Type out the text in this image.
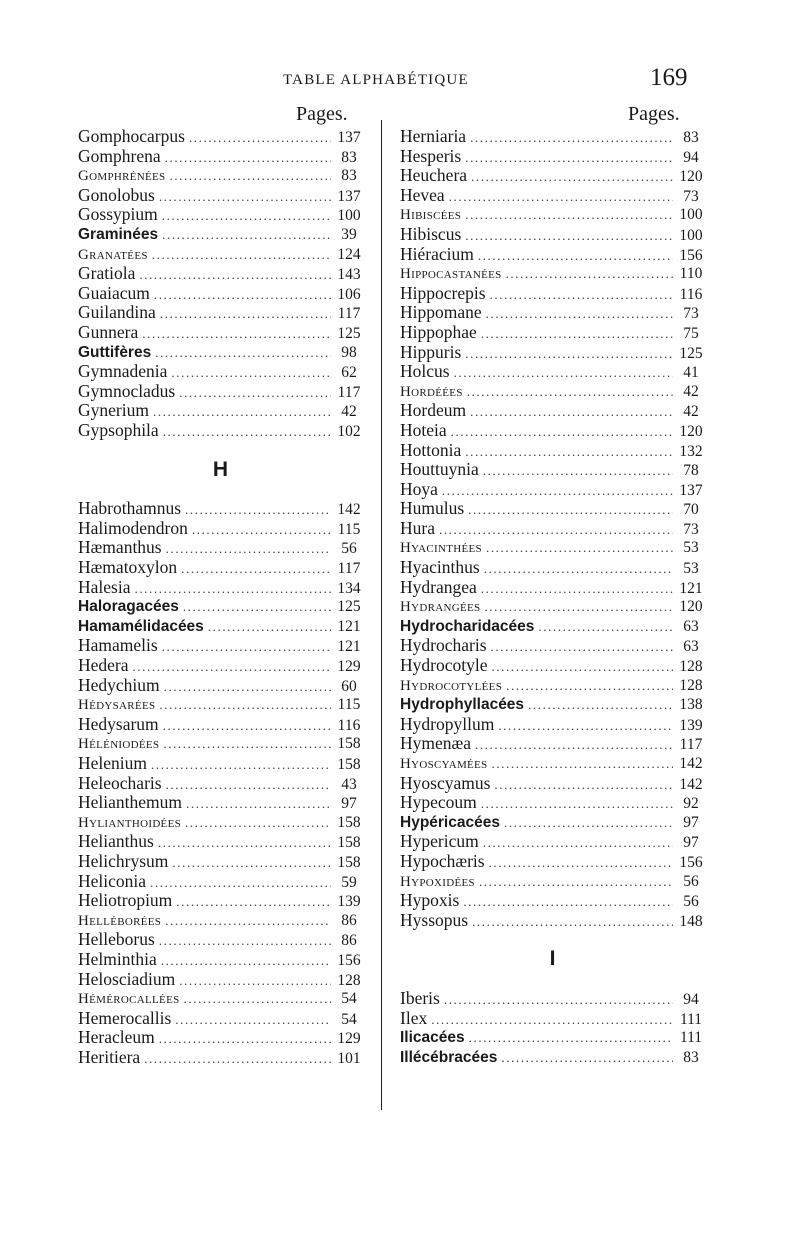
TABLE ALPHABÉTIQUE	169
Pages.	Pages.
Gomphocarpus .....	137
Gomphrena .....	83
Gomphrénées .....	83
Gonolobus .....	137
Gossypium .....	100
Graminées .....	39
Granatées .....	124
Gratiola .....	143
Guaiacum .....	106
Guilandina .....	117
Gunnera .....	125
Guttifères .....	98
Gymnadenia .....	62
Gymnocladus .....	117
Gynerium .....	42
Gypsophila .....	102
H
Habrothamnus .....	142
Halimodendron .....	115
Hæmanthus .....	56
Hæmatoxylon .....	117
Halesia .....	134
Haloragacées .....	125
Hamamélidacées .....	121
Hamamelis .....	121
Hedera .....	129
Hedychium .....	60
Hédysarées .....	115
Hedysarum .....	116
Héléniodées .....	158
Helenium .....	158
Heleocharis .....	43
Helianthemum .....	97
Hylianthoidées .....	158
Helianthus .....	158
Helichrysum .....	158
Heliconia .....	59
Heliotropium .....	139
Helléborées .....	86
Helleborus .....	86
Helminthia .....	156
Helosciadium .....	128
Hémérocallées .....	54
Hemerocallis .....	54
Heracleum .....	129
Heritiera .....	101
Herniaria .....	83
Hesperis .....	94
Heuchera .....	120
Hevea .....	73
Hibiscées .....	100
Hibiscus .....	100
Hiéracium .....	156
Hippocastanées .....	110
Hippocrepis .....	116
Hippomane .....	73
Hippophae .....	75
Hippuris .....	125
Holcus .....	41
Hordéées .....	42
Hordeum .....	42
Hoteia .....	120
Hottonia .....	132
Houttuynia .....	78
Hoya .....	137
Humulus .....	70
Hura .....	73
Hyacinthées .....	53
Hyacinthus .....	53
Hydrangea .....	121
Hydrangées .....	120
Hydrocharidacées .....	63
Hydrocharis .....	63
Hydrocotyle .....	128
Hydrocotylées .....	128
Hydrophyllacées .....	138
Hydropyllum .....	139
Hymenæa .....	117
Hyoscyamées .....	142
Hyoscyamus .....	142
Hypecoum .....	92
Hypéricacées .....	97
Hypericum .....	97
Hypochæris .....	156
Hypoxidées .....	56
Hypoxis .....	56
Hyssopus .....	148
I
Iberis .....	94
Ilex .....	111
Ilicacées .....	111
Illécébracées .....	83
